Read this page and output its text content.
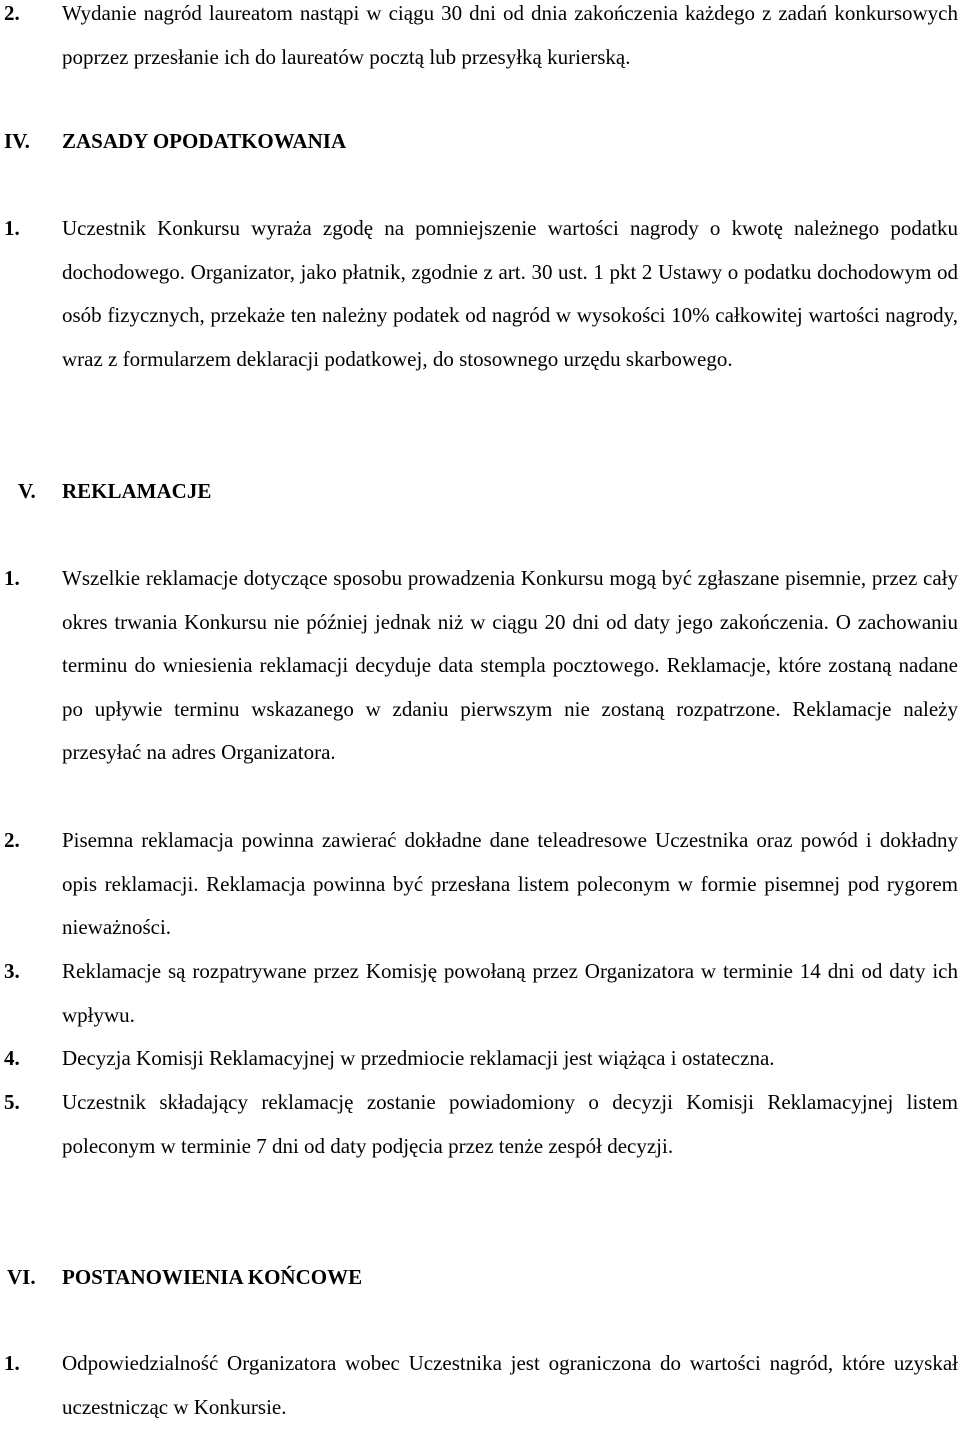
2. Wydanie nagród laureatom nastąpi w ciągu 30 dni od dnia zakończenia każdego z zadań konkursowych poprzez przesłanie ich do laureatów pocztą lub przesyłką kurierską.
IV. ZASADY OPODATKOWANIA
1. Uczestnik Konkursu wyraża zgodę na pomniejszenie wartości nagrody o kwotę należnego podatku dochodowego. Organizator, jako płatnik, zgodnie z art. 30 ust. 1 pkt 2 Ustawy o podatku dochodowym od osób fizycznych, przekaże ten należny podatek od nagród w wysokości 10% całkowitej wartości nagrody, wraz z formularzem deklaracji podatkowej, do stosownego urzędu skarbowego.
V. REKLAMACJE
1. Wszelkie reklamacje dotyczące sposobu prowadzenia Konkursu mogą być zgłaszane pisemnie, przez cały okres trwania Konkursu nie później jednak niż w ciągu 20 dni od daty jego zakończenia. O zachowaniu terminu do wniesienia reklamacji decyduje data stempla pocztowego. Reklamacje, które zostaną nadane po upływie terminu wskazanego w zdaniu pierwszym nie zostaną rozpatrzone. Reklamacje należy przesyłać na adres Organizatora.
2. Pisemna reklamacja powinna zawierać dokładne dane teleadresowe Uczestnika oraz powód i dokładny opis reklamacji. Reklamacja powinna być przesłana listem poleconym w formie pisemnej pod rygorem nieważności.
3. Reklamacje są rozpatrywane przez Komisję powołaną przez Organizatora w terminie 14 dni od daty ich wpływu.
4. Decyzja Komisji Reklamacyjnej w przedmiocie reklamacji jest wiążąca i ostateczna.
5. Uczestnik składający reklamację zostanie powiadomiony o decyzji Komisji Reklamacyjnej listem poleconym w terminie 7 dni od daty podjęcia przez tenże zespół decyzji.
VI. POSTANOWIENIA KOŃCOWE
1. Odpowiedzialność Organizatora wobec Uczestnika jest ograniczona do wartości nagród, które uzyskał uczestnicząc w Konkursie.
